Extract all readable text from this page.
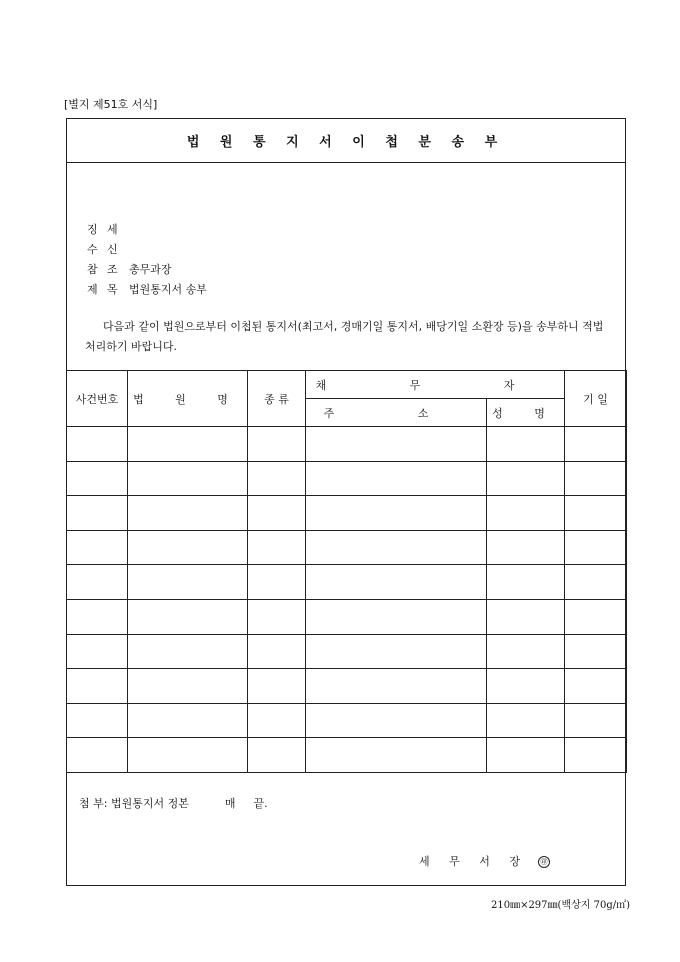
[별지 제51호 서식]
법 원 통 지 서 이 첩 분 송 부
징 세
수 신
참 조 총무과장
제 목 법원통지서 송부
다음과 같이 법원으로부터 이첩된 통지서(최고서, 경매기일 통지서, 배당기일 소환장 등)을 송부하니 적법 처리하기 바랍니다.
사건번호	법 원 명	종 류	채 무 자		기 일
			주 소	성 명	

첨 부: 법원통지서 정본	매 끝.
세 무 서 장 ㊞
210㎜×297㎜(백상지 70g/㎡)
